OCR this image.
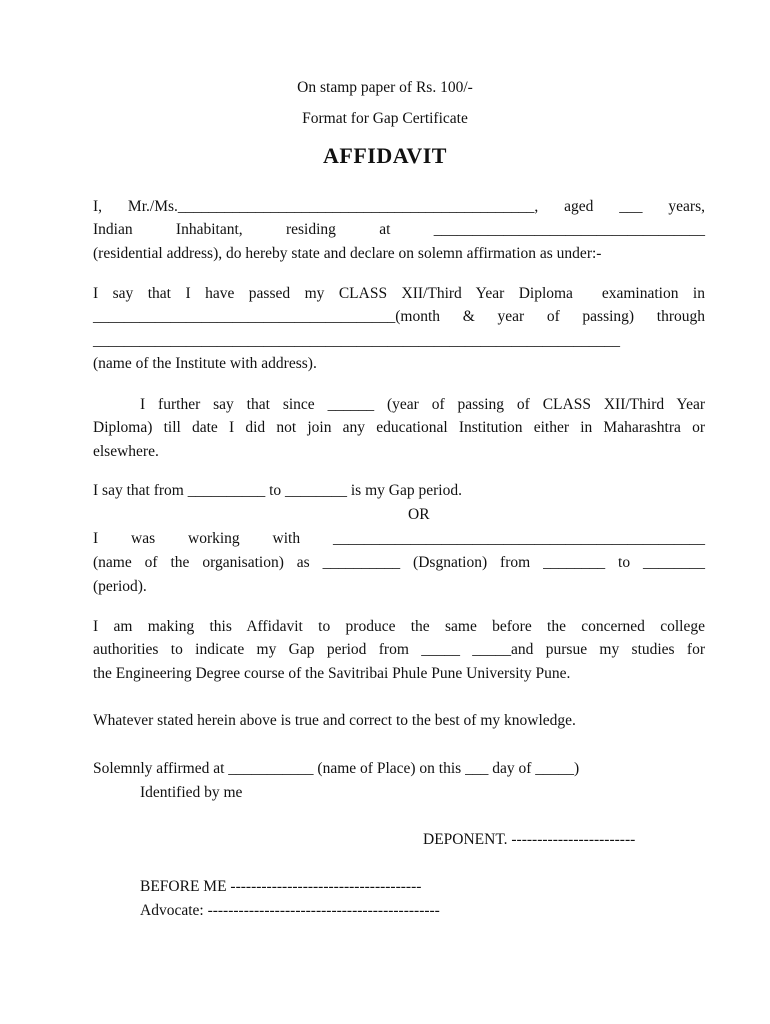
On stamp paper of Rs. 100/-
Format for Gap Certificate
AFFIDAVIT
I, Mr./Ms.______________________________________________, aged ___ years,
Indian Inhabitant, residing at ___________________________________
(residential address), do hereby state and declare on solemn affirmation as under:-
I say that I have passed my CLASS XII/Third Year Diploma  examination in
_______________________________________(month & year of passing) through
____________________________________________________________________
(name of the Institute with address).
I further say that since ______ (year of passing of CLASS XII/Third Year
Diploma) till date I did not join any educational Institution either in Maharashtra or
elsewhere.
I say that from __________ to ________ is my Gap period.
OR
I was working with ________________________________________________
(name of the organisation) as __________ (Dsgnation) from ________ to ________
(period).
I am making this Affidavit to produce the same before the concerned college
authorities to indicate my Gap period from _____ _____and pursue my studies for
the Engineering Degree course of the Savitribai Phule Pune University Pune.
Whatever stated herein above is true and correct to the best of my knowledge.
Solemnly affirmed at ___________ (name of Place) on this ___ day of _____)
Identified by me
DEPONENT. ------------------------
BEFORE ME -------------------------------------
Advocate: ---------------------------------------------
